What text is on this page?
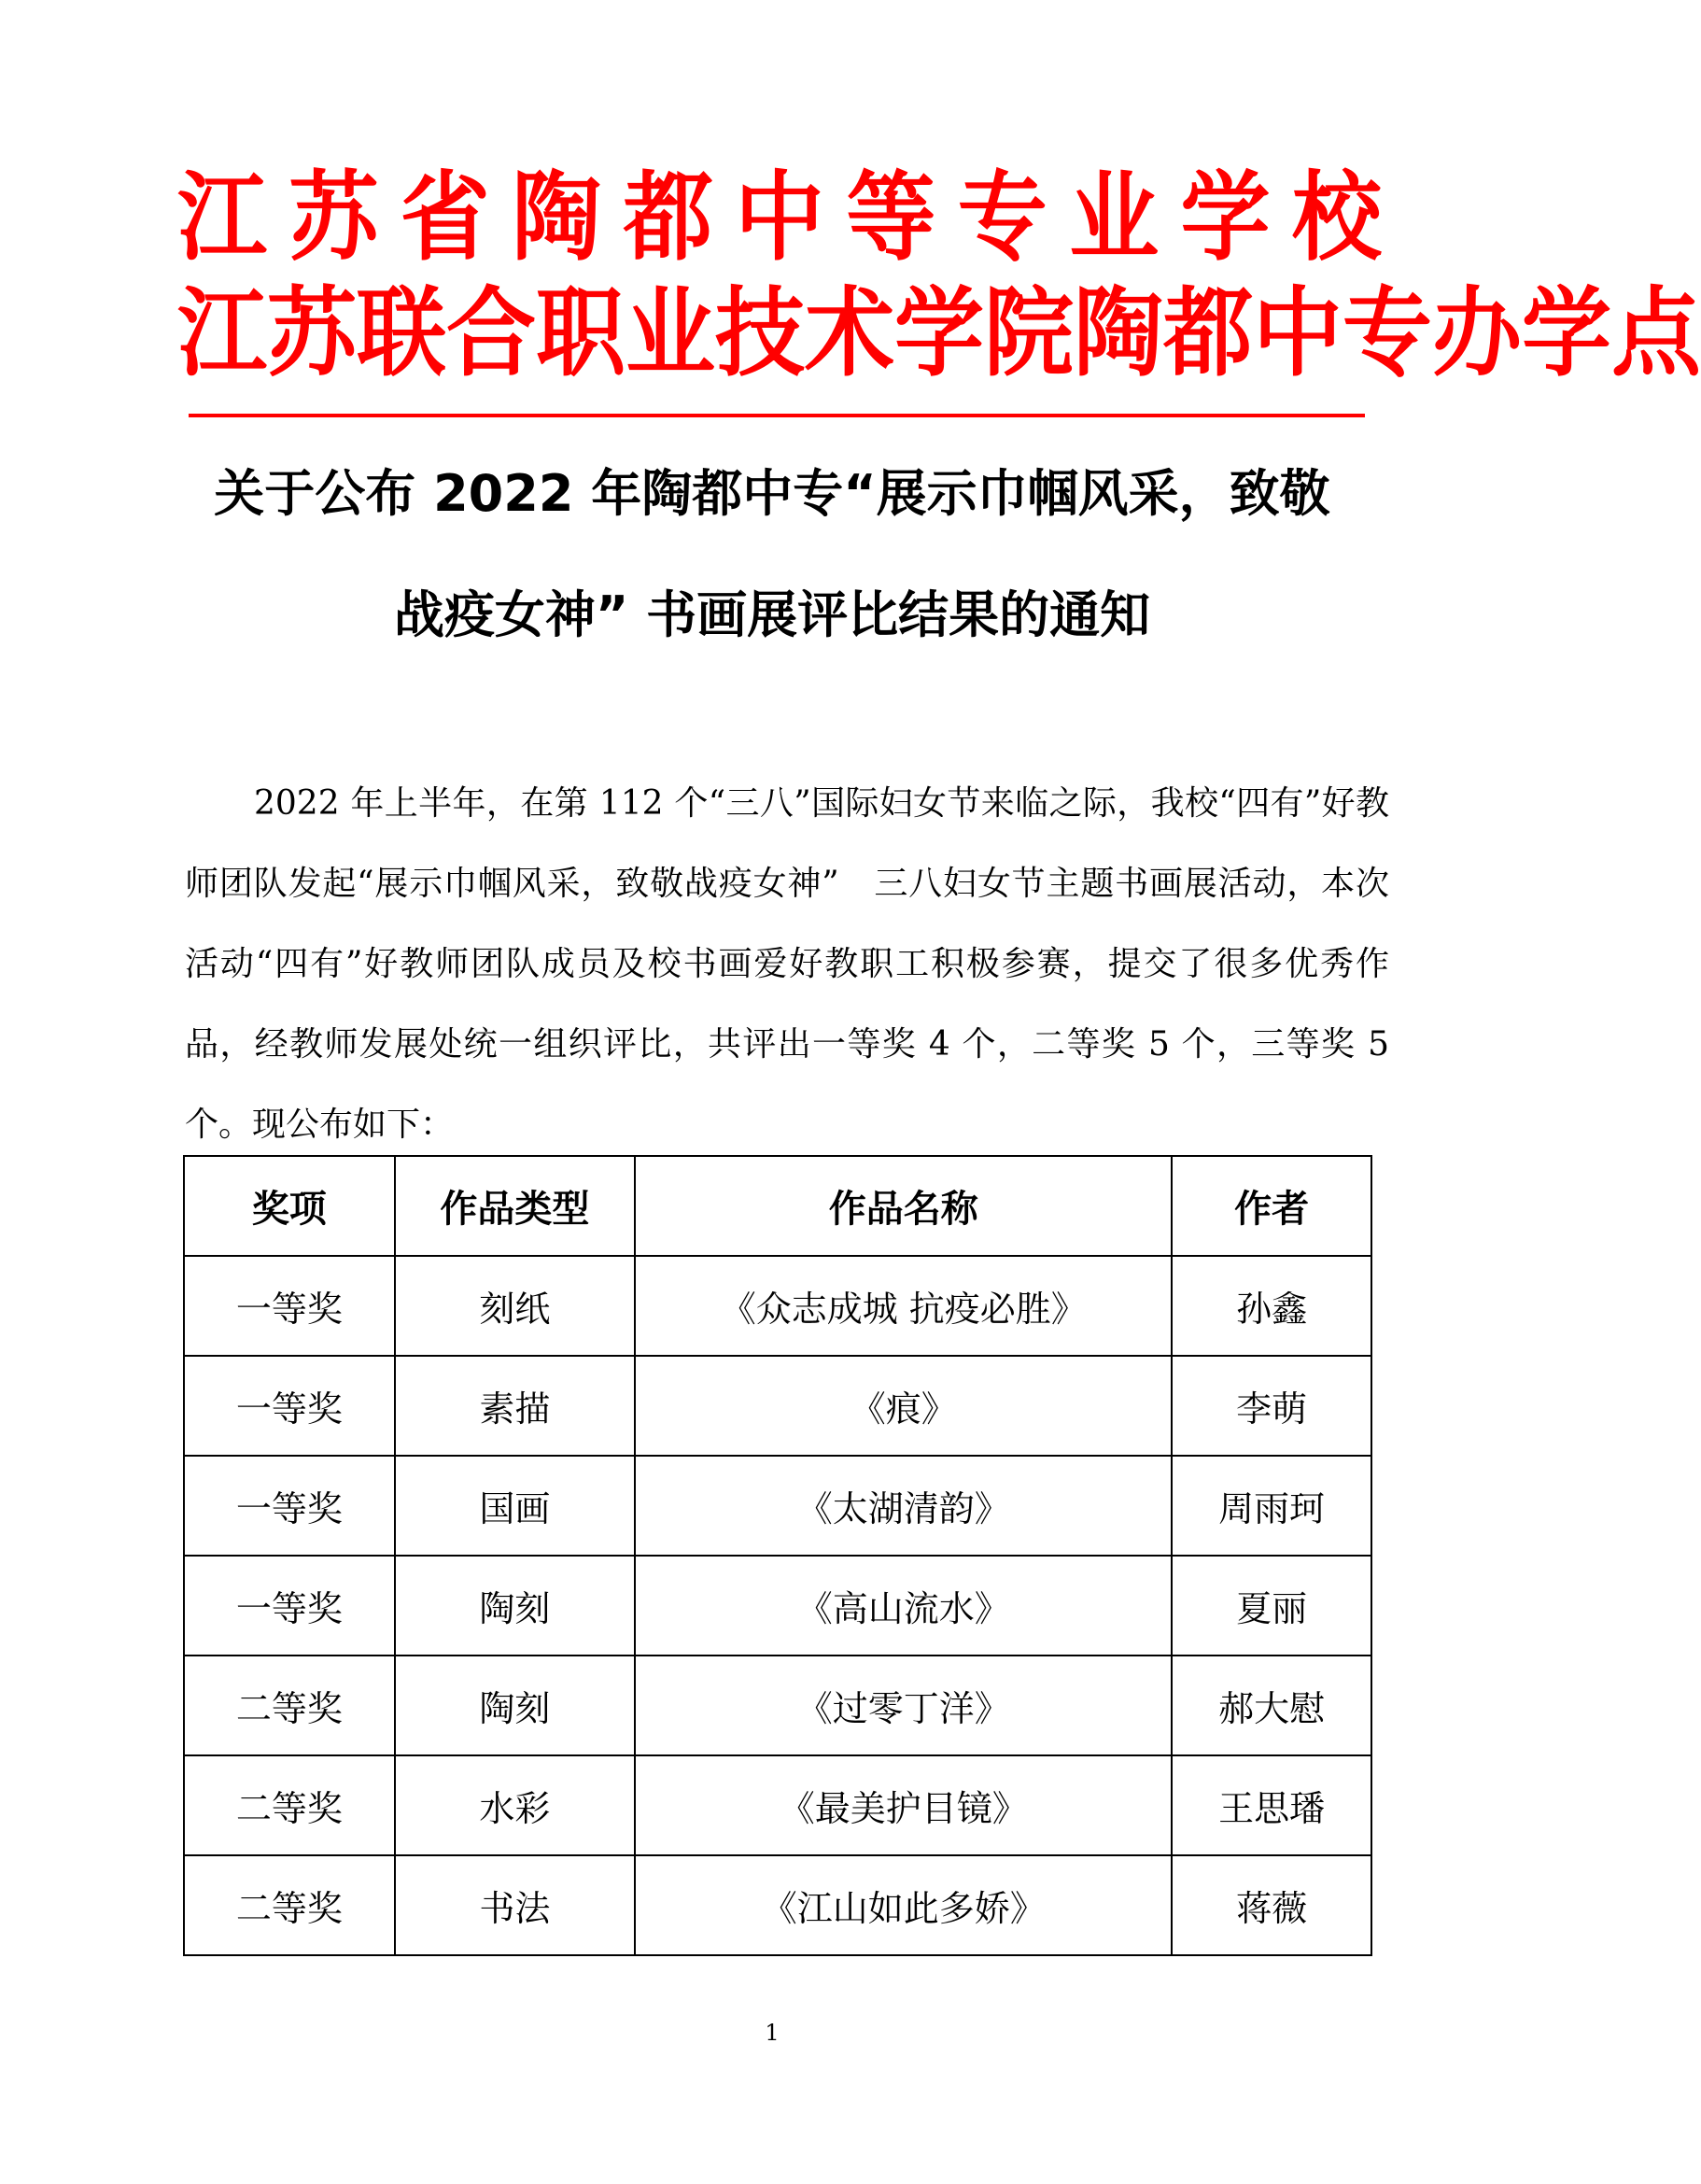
江 苏 省 陶 都 中 等 专 业 学 校
江 苏 联 合 职 业 技 术 学 院 陶 都 中 专 办 学 点
关于公布 2022 年陶都中专“展示巾帼风采，致敬
战疫女神” 书画展评比结果的通知

2022 年上半年，在第 112 个“三八”国际妇女节来临之际，我校“四有”好教师团队发起“展示巾帼风采，致敬战疫女神”　三八妇女节主题书画展活动，本次活动“四有”好教师团队成员及校书画爱好教职工积极参赛，提交了很多优秀作品，经教师发展处统一组织评比，共评出一等奖 4 个，二等奖 5 个，三等奖 5 个。现公布如下：

奖项	作品类型	作品名称	作者
一等奖	刻纸	《众志成城 抗疫必胜》	孙鑫
一等奖	素描	《痕》	李萌
一等奖	国画	《太湖清韵》	周雨珂
一等奖	陶刻	《高山流水》	夏丽
二等奖	陶刻	《过零丁洋》	郝大慰
二等奖	水彩	《最美护目镜》	王思璠
二等奖	书法	《江山如此多娇》	蒋薇
1
